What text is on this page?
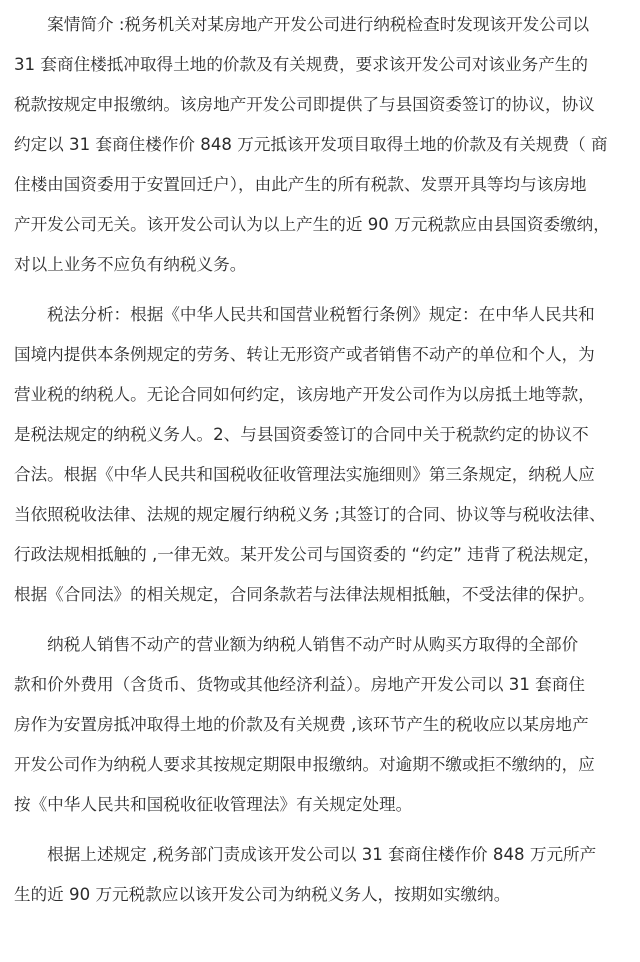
　　案情简介 :税务机关对某房地产开发公司进行纳税检查时发现该开发公司以
31 套商住楼抵冲取得土地的价款及有关规费，要求该开发公司对该业务产生的
税款按规定申报缴纳。该房地产开发公司即提供了与县国资委签订的协议，协议
约定以 31 套商住楼作价 848 万元抵该开发项目取得土地的价款及有关规费（ 商
住楼由国资委用于安置回迁户），由此产生的所有税款、发票开具等均与该房地
产开发公司无关。该开发公司认为以上产生的近 90 万元税款应由县国资委缴纳，
对以上业务不应负有纳税义务。
　　税法分析：根据《中华人民共和国营业税暂行条例》规定：在中华人民共和
国境内提供本条例规定的劳务、转让无形资产或者销售不动产的单位和个人，为
营业税的纳税人。无论合同如何约定，该房地产开发公司作为以房抵土地等款，
是税法规定的纳税义务人。2、与县国资委签订的合同中关于税款约定的协议不
合法。根据《中华人民共和国税收征收管理法实施细则》第三条规定，纳税人应
当依照税收法律、法规的规定履行纳税义务 ;其签订的合同、协议等与税收法律、
行政法规相抵触的 ,一律无效。某开发公司与国资委的 “约定” 违背了税法规定，
根据《合同法》的相关规定，合同条款若与法律法规相抵触，不受法律的保护。
　　纳税人销售不动产的营业额为纳税人销售不动产时从购买方取得的全部价
款和价外费用（含货币、货物或其他经济利益）。房地产开发公司以 31 套商住
房作为安置房抵冲取得土地的价款及有关规费 ,该环节产生的税收应以某房地产
开发公司作为纳税人要求其按规定期限申报缴纳。对逾期不缴或拒不缴纳的，应
按《中华人民共和国税收征收管理法》有关规定处理。
　　根据上述规定 ,税务部门责成该开发公司以 31 套商住楼作价 848 万元所产
生的近 90 万元税款应以该开发公司为纳税义务人，按期如实缴纳。
